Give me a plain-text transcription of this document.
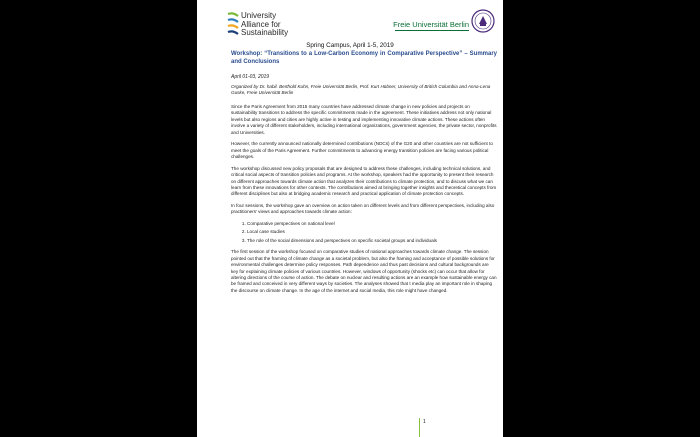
University
Alliance for
Sustainability
Freie Universität Berlin
Spring Campus, April 1-5, 2019
Workshop: “Transitions to a Low-Carbon Economy in Comparative Perspective” – Summary and Conclusions
April 01-03, 2019
Organized by Dr. habil. Berthold Kuhn, Freie Universität Berlin, Prof. Kurt Hübner, University of British Columbia and Anna-Lena Guske, Freie Universität Berlin

Since the Paris Agreement from 2015 many countries have addressed climate change in new policies and projects on sustainability transitions to address the specific commitments made in the agreement. These initiatives address not only national levels but also regions and cities are highly active in testing and implementing innovative climate actions. These actions often involve a variety of different stakeholders, including international organizations, government agencies, the private sector, nonprofits and Universities.

However, the currently announced nationally determined contributions (NDCs) of the G20 and other countries are not sufficient to meet the goals of the Paris Agreement. Further commitments to advancing energy transition policies are facing various political challenges.

The workshop discussed new policy proposals that are designed to address these challenges, including technical solutions, and critical social aspects of transition policies and programs. At the workshop, speakers had the opportunity to present their research on different approaches towards climate action that analyzes their contributions to climate protection, and to discuss what we can learn from these innovations for other contexts. The contributions aimed at bringing together insights and theoretical concepts from different disciplines but also at bridging academic research and practical application of climate protection concepts.

In four sessions, the workshop gave an overview on action taken on different levels and from different perspectives, including also practitioners' views and approaches towards climate action:

1. Comparative perspectives on national level
2. Local case studies
3. The role of the social dimensions and perspectives on specific societal groups and individuals

The first session of the workshop focused on comparative studies of national approaches towards climate change. The session pointed out that the framing of climate change as a societal problem, but also the framing and acceptance of possible solutions for environmental challenges determine policy responses. Path dependence and thus past decisions and cultural backgrounds are key for explaining climate policies of various countries. However, windows of opportunity (shocks etc) can occur that allow for altering directions of the course of action. The debate on nuclear and resulting actions are an example how sustainable energy can be framed and conceived in very different ways by societies. The analyses showed that t media play an important role in shaping the discourse on climate change. In the age of the internet and social media, this role might have changed.

1
